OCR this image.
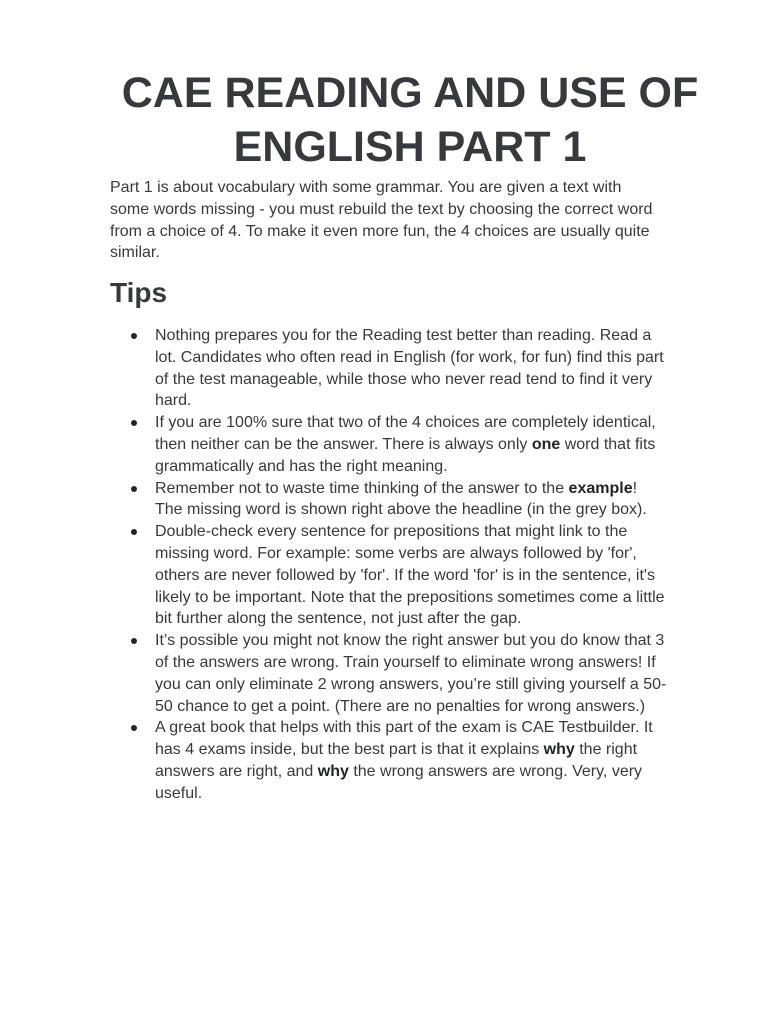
CAE READING AND USE OF
ENGLISH PART 1

Part 1 is about vocabulary with some grammar. You are given a text with
some words missing - you must rebuild the text by choosing the correct word
from a choice of 4. To make it even more fun, the 4 choices are usually quite
similar.

Tips
Nothing prepares you for the Reading test better than reading. Read a
lot. Candidates who often read in English (for work, for fun) find this part
of the test manageable, while those who never read tend to find it very
hard.
If you are 100% sure that two of the 4 choices are completely identical,
then neither can be the answer. There is always only one word that fits
grammatically and has the right meaning.
Remember not to waste time thinking of the answer to the example!
The missing word is shown right above the headline (in the grey box).
Double-check every sentence for prepositions that might link to the
missing word. For example: some verbs are always followed by 'for',
others are never followed by 'for'. If the word 'for' is in the sentence, it's
likely to be important. Note that the prepositions sometimes come a little
bit further along the sentence, not just after the gap.
It’s possible you might not know the right answer but you do know that 3
of the answers are wrong. Train yourself to eliminate wrong answers! If
you can only eliminate 2 wrong answers, you’re still giving yourself a 50-
50 chance to get a point. (There are no penalties for wrong answers.)
A great book that helps with this part of the exam is CAE Testbuilder. It
has 4 exams inside, but the best part is that it explains why the right
answers are right, and why the wrong answers are wrong. Very, very
useful.
